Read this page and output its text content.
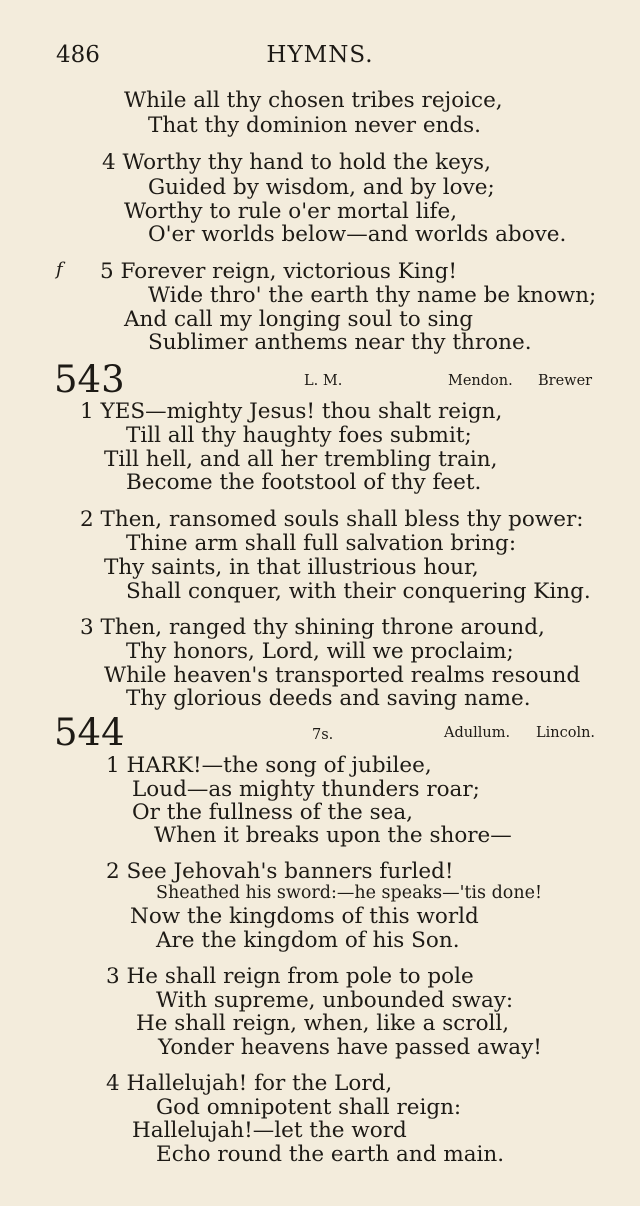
486	HYMNS.
While all thy chosen tribes rejoice,
That thy dominion never ends.
4 Worthy thy hand to hold the keys,
Guided by wisdom, and by love;
Worthy to rule o'er mortal life,
O'er worlds below—and worlds above.
f 5 Forever reign, victorious King!
Wide thro' the earth thy name be known;
And call my longing soul to sing
Sublimer anthems near thy throne.
543	L. M.	Mendon. Brewer
1 YES—mighty Jesus! thou shalt reign,
Till all thy haughty foes submit;
Till hell, and all her trembling train,
Become the footstool of thy feet.
2 Then, ransomed souls shall bless thy power:
Thine arm shall full salvation bring:
Thy saints, in that illustrious hour,
Shall conquer, with their conquering King.
3 Then, ranged thy shining throne around,
Thy honors, Lord, will we proclaim;
While heaven's transported realms resound
Thy glorious deeds and saving name.
544	7s.	Adullum. Lincoln.
1 HARK!—the song of jubilee,
Loud—as mighty thunders roar;
Or the fullness of the sea,
When it breaks upon the shore—
2 See Jehovah's banners furled!
Sheathed his sword:—he speaks—'tis done!
Now the kingdoms of this world
Are the kingdom of his Son.
3 He shall reign from pole to pole
With supreme, unbounded sway:
He shall reign, when, like a scroll,
Yonder heavens have passed away!
4 Hallelujah! for the Lord,
God omnipotent shall reign:
Hallelujah!—let the word
Echo round the earth and main.
